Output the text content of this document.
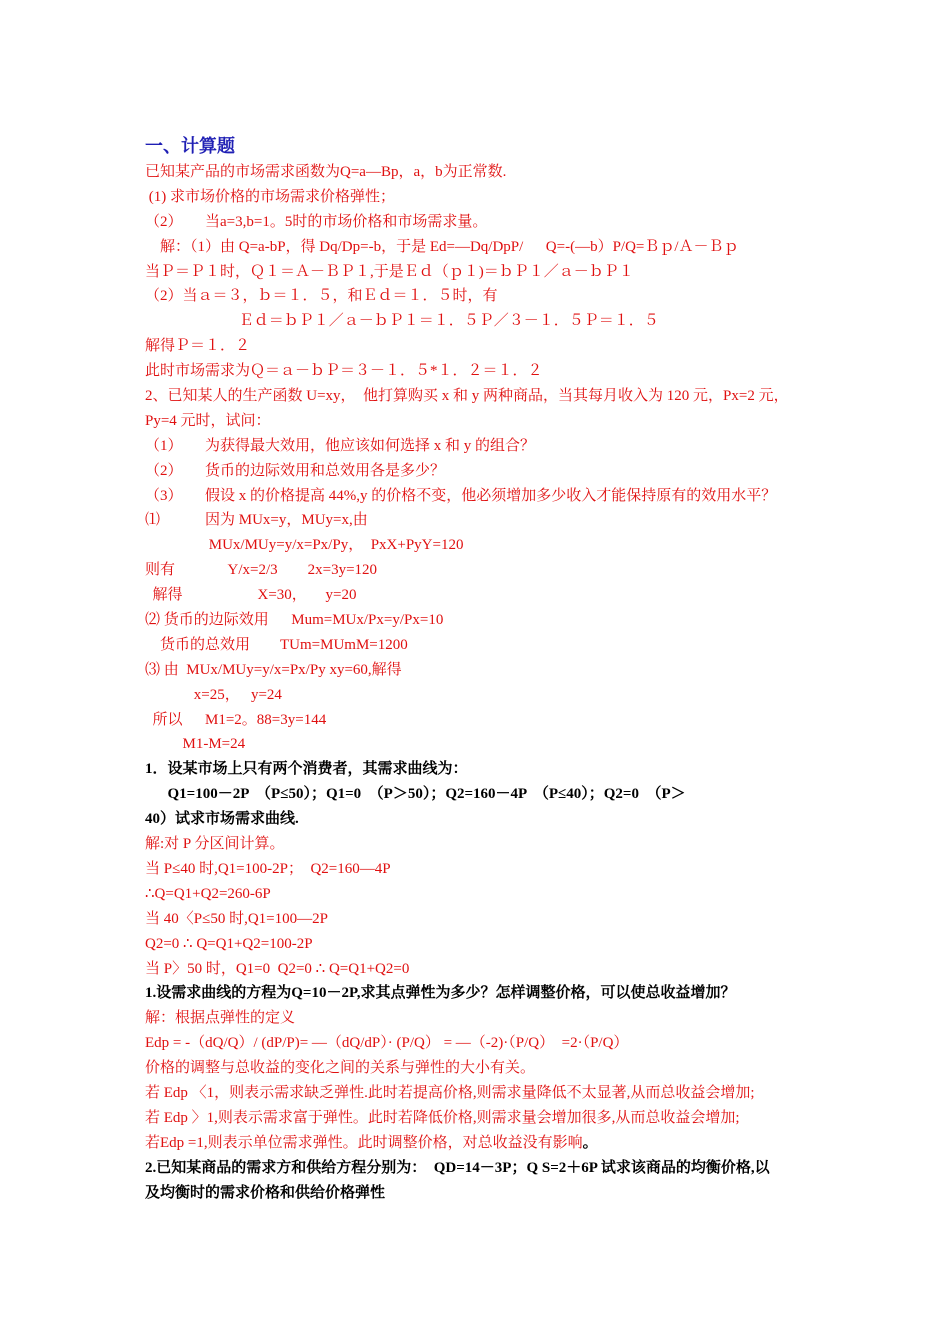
一、计算题
已知某产品的市场需求函数为Q=a—Bp，a，b为正常数.
(1) 求市场价格的市场需求价格弹性；
（2）      当a=3,b=1。5时的市场价格和市场需求量。
解：（1）由 Q=a-bP，得 Dq/Dp=-b，于是 Ed=—Dq/DpP/      Q=-(—b）P/Q=Ｂｐ/Ａ－Ｂｐ
当Ｐ＝Ｐ１时，Ｑ１＝Ａ－ＢＰ１,于是Ｅｄ（ｐ１)＝ｂＰ１／ａ－ｂＰ１
（2）当ａ＝３，ｂ＝１．５，和Ｅｄ＝１．５时，有
Ｅｄ＝ｂＰ１／ａ－ｂＰ１＝１．５Ｐ／３－１．５Ｐ＝１．５
解得Ｐ＝１．２
此时市场需求为Ｑ＝ａ－ｂＰ＝３－１．５*１．２＝１．２
2、已知某人的生产函数 U=xy，  他打算购买 x 和 y 两种商品，当其每月收入为 120 元，Px=2 元，
Py=4 元时，试问：
（1）      为获得最大效用，他应该如何选择 x 和 y 的组合？
（2）      货币的边际效用和总效用各是多少？
（3）      假设 x 的价格提高 44%,y 的价格不变，他必须增加多少收入才能保持原有的效用水平？
⑴            因为 MUx=y，MUy=x,由
MUx/MUy=y/x=Px/Py，  PxX+PyY=120
则有              Y/x=2/3        2x=3y=120
解得                    X=30，     y=20
⑵ 货币的边际效用      Mum=MUx/Px=y/Px=10
货币的总效用        TUm=MUmM=1200
⑶ 由  MUx/MUy=y/x=Px/Py xy=60,解得
x=25，   y=24
所以      M1=2。88=3y=144
M1-M=24
1．设某市场上只有两个消费者，其需求曲线为：
Q1=100－2P  （P≤50）；Q1=0  （P＞50）；Q2=160－4P  （P≤40）；Q2=0  （P＞
40）试求市场需求曲线.
解:对 P 分区间计算。
当 P≤40 时,Q1=100-2P；  Q2=160—4P
∴Q=Q1+Q2=260-6P
当 40〈P≤50 时,Q1=100—2P
Q2=0 ∴ Q=Q1+Q2=100-2P
当 P〉50 时，Q1=0  Q2=0 ∴ Q=Q1+Q2=0
1.设需求曲线的方程为Q=10－2P,求其点弹性为多少？怎样调整价格，可以使总收益增加？
解：根据点弹性的定义
Edp = -（dQ/Q）/ (dP/P)= —（dQ/dP）· (P/Q） = —（-2)·（P/Q）  =2·（P/Q）
价格的调整与总收益的变化之间的关系与弹性的大小有关。
若 Edp 〈1，则表示需求缺乏弹性.此时若提高价格,则需求量降低不太显著,从而总收益会增加;
若 Edp 〉1,则表示需求富于弹性。此时若降低价格,则需求量会增加很多,从而总收益会增加;
若Edp =1,则表示单位需求弹性。此时调整价格，对总收益没有影响。
2.已知某商品的需求方和供给方程分别为：  QD=14－3P；Q S=2＋6P 试求该商品的均衡价格,以
及均衡时的需求价格和供给价格弹性
